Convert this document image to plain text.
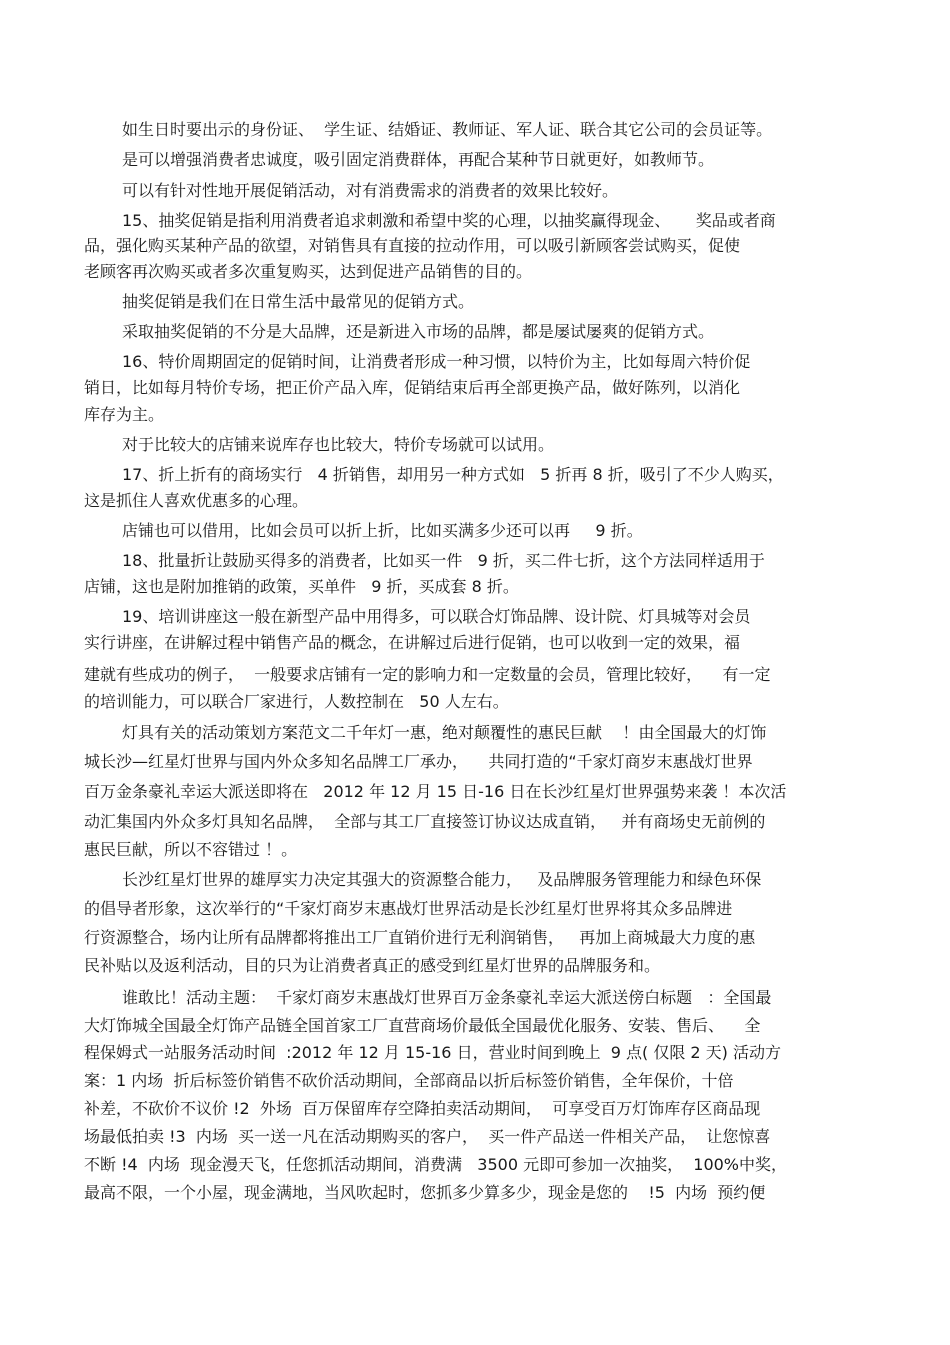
如生日时要出示的身份证、  学生证、结婚证、教师证、军人证、联合其它公司的会员证等。
是可以增强消费者忠诚度，吸引固定消费群体，再配合某种节日就更好，如教师节。
可以有针对性地开展促销活动，对有消费需求的消费者的效果比较好。
15、抽奖促销是指利用消费者追求刺激和希望中奖的心理，以抽奖赢得现金、     奖品或者商
品，强化购买某种产品的欲望，对销售具有直接的拉动作用，可以吸引新顾客尝试购买，促使
老顾客再次购买或者多次重复购买，达到促进产品销售的目的。
抽奖促销是我们在日常生活中最常见的促销方式。
采取抽奖促销的不分是大品牌，还是新进入市场的品牌，都是屡试屡爽的促销方式。
16、特价周期固定的促销时间，让消费者形成一种习惯，以特价为主，比如每周六特价促
销日，比如每月特价专场，把正价产品入库，促销结束后再全部更换产品，做好陈列，以消化
库存为主。
对于比较大的店铺来说库存也比较大，特价专场就可以试用。
17、折上折有的商场实行   4 折销售，却用另一种方式如   5 折再 8 折，吸引了不少人购买，
这是抓住人喜欢优惠多的心理。
店铺也可以借用，比如会员可以折上折，比如买满多少还可以再     9 折。
18、批量折让鼓励买得多的消费者，比如买一件   9 折，买二件七折，这个方法同样适用于
店铺，这也是附加推销的政策，买单件   9 折，买成套 8 折。
19、培训讲座这一般在新型产品中用得多，可以联合灯饰品牌、设计院、灯具城等对会员
实行讲座，在讲解过程中销售产品的概念，在讲解过后进行促销，也可以收到一定的效果，福
建就有些成功的例子，  一般要求店铺有一定的影响力和一定数量的会员，管理比较好，    有一定
的培训能力，可以联合厂家进行，人数控制在   50 人左右。
灯具有关的活动策划方案范文二千年灯一惠，绝对颠覆性的惠民巨献    ！由全国最大的灯饰
城长沙—红星灯世界与国内外众多知名品牌工厂承办，    共同打造的“千家灯商岁末惠战灯世界
百万金条豪礼幸运大派送即将在   2012 年 12 月 15 日-16 日在长沙红星灯世界强势来袭 ！本次活
动汇集国内外众多灯具知名品牌，  全部与其工厂直接签订协议达成直销，   并有商场史无前例的
惠民巨献，所以不容错过 ！。
长沙红星灯世界的雄厚实力决定其强大的资源整合能力，   及品牌服务管理能力和绿色环保
的倡导者形象，这次举行的“千家灯商岁末惠战灯世界活动是长沙红星灯世界将其众多品牌进
行资源整合，场内让所有品牌都将推出工厂直销价进行无利润销售，   再加上商城最大力度的惠
民补贴以及返利活动，目的只为让消费者真正的感受到红星灯世界的品牌服务和。
谁敢比！活动主题：  千家灯商岁末惠战灯世界百万金条豪礼幸运大派送傍白标题   ：全国最
大灯饰城全国最全灯饰产品链全国首家工厂直营商场价最低全国最优化服务、安装、售后、    全
程保姆式一站服务活动时间  :2012 年 12 月 15-16 日，营业时间到晚上  9 点( 仅限 2 天) 活动方
案：1 内场  折后标签价销售不砍价活动期间，全部商品以折后标签价销售，全年保价，十倍
补差，不砍价不议价 !2  外场  百万保留库存空降拍卖活动期间，  可享受百万灯饰库存区商品现
场最低拍卖 !3  内场  买一送一凡在活动期购买的客户，  买一件产品送一件相关产品，  让您惊喜
不断 !4  内场  现金漫天飞，任您抓活动期间，消费满   3500 元即可参加一次抽奖，  100%中奖，
最高不限，一个小屋，现金满地，当风吹起时，您抓多少算多少，现金是您的    !5  内场  预约便
